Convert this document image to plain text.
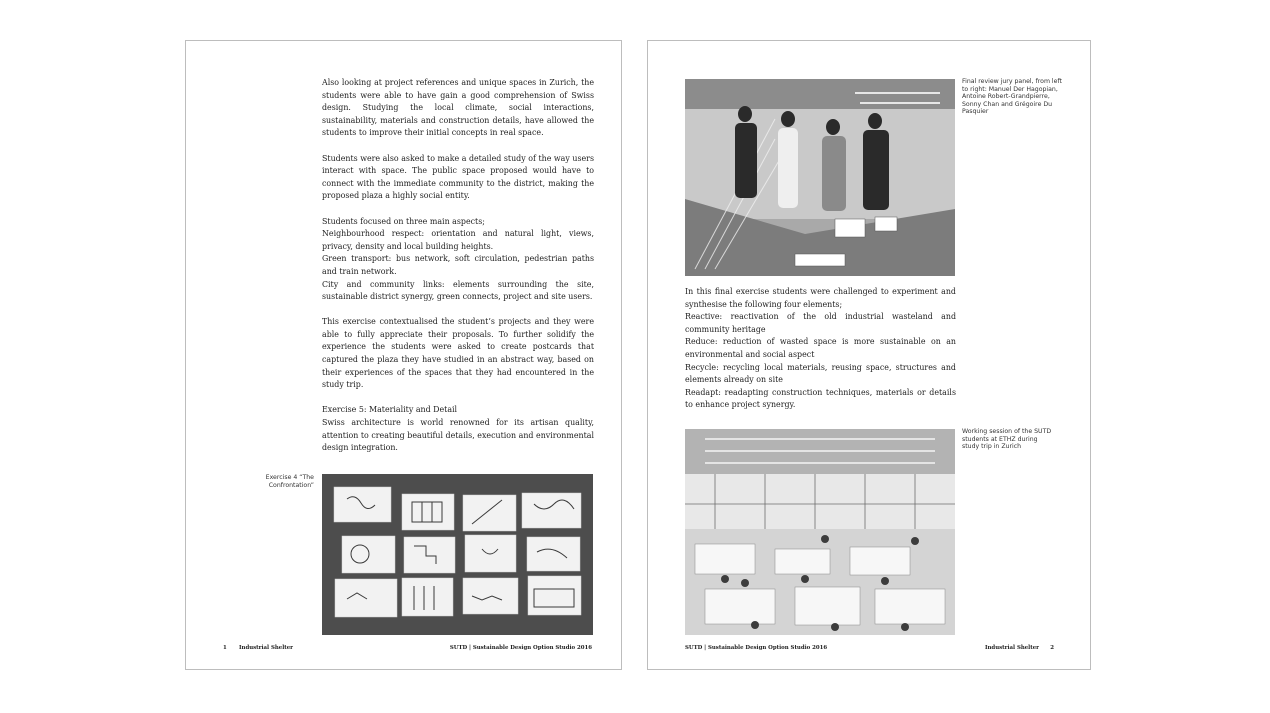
Also looking at project references and unique spaces in Zurich, the students were able to have gain a good comprehension of Swiss design. Studying the local climate, social interactions, sustainability, materials and construction details, have allowed the students to improve their initial concepts in real space.

Students were also asked to make a detailed study of the way users interact with space. The public space proposed would have to connect with the immediate community to the district, making the proposed plaza a highly social entity.

Students focused on three main aspects;

Neighbourhood respect: orientation and natural light, views, privacy, density and local building heights.

Green transport: bus network, soft circulation, pedestrian paths and train network.

City and community links: elements surrounding the site, sustainable district synergy, green connects, project and site users.

This exercise contextualised the student’s projects and they were able to fully appreciate their proposals. To further solidify the experience the students were asked to create postcards that captured the plaza they have studied in an abstract way, based on their experiences of the spaces that they had encountered in the study trip.

Exercise 5: Materiality and Detail

Swiss architecture is world renowned for its artisan quality, attention to creating beautiful details, execution and environmental design integration.

Exercise 4 “The Confrontation”
1 Industrial Shelter	SUTD | Sustainable Design Option Studio 2016
Final review jury panel, from left to right: Manuel Der Hagopian, Antoine Robert-Grandpierre, Sonny Chan and Grégoire Du Pasquier

In this final exercise students were challenged to experiment and synthesise the following four elements;

Reactive: reactivation of the old industrial wasteland and community heritage

Reduce: reduction of wasted space is more sustainable on an environmental and social aspect

Recycle: recycling local materials, reusing space, structures and elements already on site

Readapt: readapting construction techniques, materials or details to enhance project synergy.

Working session of the SUTD students at ETHZ during study trip in Zurich
SUTD | Sustainable Design Option Studio 2016	Industrial Shelter 2
